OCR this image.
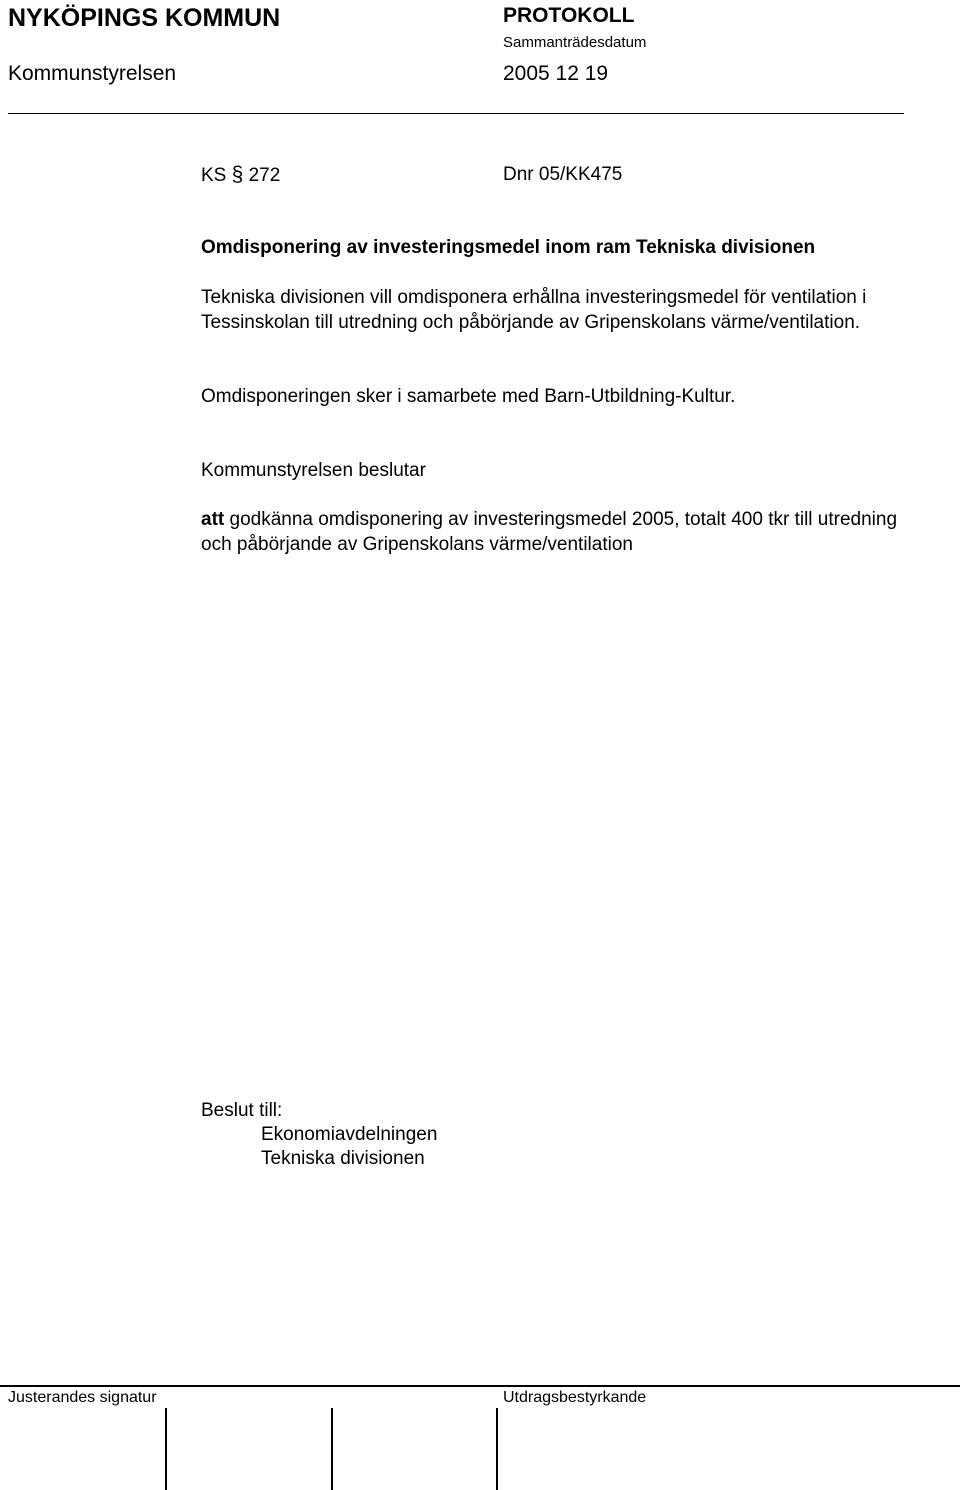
NYKÖPINGS KOMMUN	PROTOKOLL
Sammanträdesdatum
Kommunstyrelsen	2005 12 19
KS § 272	Dnr 05/KK475
Omdisponering av investeringsmedel inom ram Tekniska divisionen
Tekniska divisionen vill omdisponera erhållna investeringsmedel för ventilation i Tessinskolan till utredning och påbörjande av Gripenskolans värme/ventilation.
Omdisponeringen sker i samarbete med Barn-Utbildning-Kultur.
Kommunstyrelsen beslutar
att godkänna omdisponering av investeringsmedel 2005, totalt 400 tkr till utredning och påbörjande av Gripenskolans värme/ventilation
Beslut till:
Ekonomiavdelningen
Tekniska divisionen
Justerandes signatur	Utdragsbestyrkande
